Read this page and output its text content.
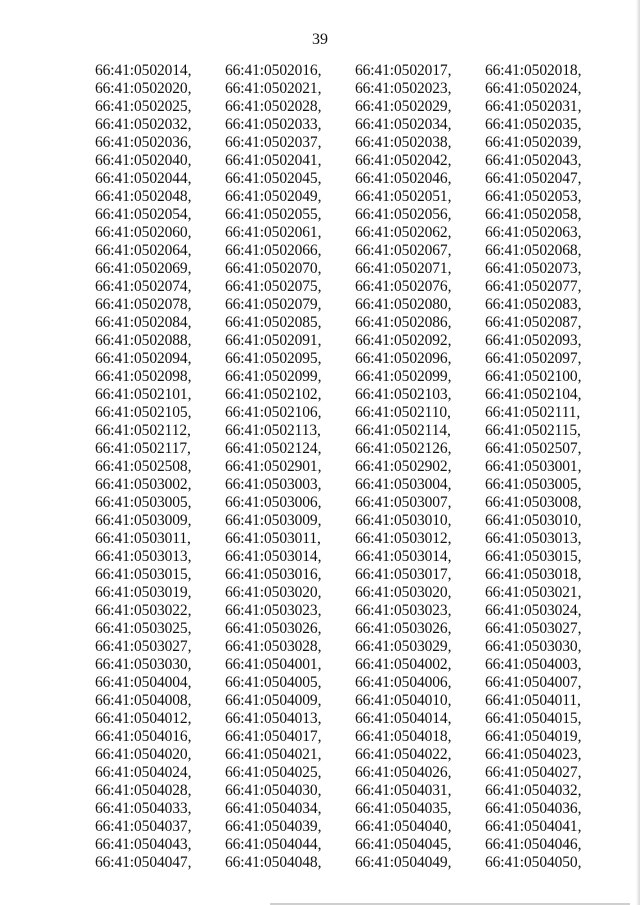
39
66:41:0502014,	66:41:0502016,	66:41:0502017,	66:41:0502018,
66:41:0502020,	66:41:0502021,	66:41:0502023,	66:41:0502024,
66:41:0502025,	66:41:0502028,	66:41:0502029,	66:41:0502031,
66:41:0502032,	66:41:0502033,	66:41:0502034,	66:41:0502035,
66:41:0502036,	66:41:0502037,	66:41:0502038,	66:41:0502039,
66:41:0502040,	66:41:0502041,	66:41:0502042,	66:41:0502043,
66:41:0502044,	66:41:0502045,	66:41:0502046,	66:41:0502047,
66:41:0502048,	66:41:0502049,	66:41:0502051,	66:41:0502053,
66:41:0502054,	66:41:0502055,	66:41:0502056,	66:41:0502058,
66:41:0502060,	66:41:0502061,	66:41:0502062,	66:41:0502063,
66:41:0502064,	66:41:0502066,	66:41:0502067,	66:41:0502068,
66:41:0502069,	66:41:0502070,	66:41:0502071,	66:41:0502073,
66:41:0502074,	66:41:0502075,	66:41:0502076,	66:41:0502077,
66:41:0502078,	66:41:0502079,	66:41:0502080,	66:41:0502083,
66:41:0502084,	66:41:0502085,	66:41:0502086,	66:41:0502087,
66:41:0502088,	66:41:0502091,	66:41:0502092,	66:41:0502093,
66:41:0502094,	66:41:0502095,	66:41:0502096,	66:41:0502097,
66:41:0502098,	66:41:0502099,	66:41:0502099,	66:41:0502100,
66:41:0502101,	66:41:0502102,	66:41:0502103,	66:41:0502104,
66:41:0502105,	66:41:0502106,	66:41:0502110,	66:41:0502111,
66:41:0502112,	66:41:0502113,	66:41:0502114,	66:41:0502115,
66:41:0502117,	66:41:0502124,	66:41:0502126,	66:41:0502507,
66:41:0502508,	66:41:0502901,	66:41:0502902,	66:41:0503001,
66:41:0503002,	66:41:0503003,	66:41:0503004,	66:41:0503005,
66:41:0503005,	66:41:0503006,	66:41:0503007,	66:41:0503008,
66:41:0503009,	66:41:0503009,	66:41:0503010,	66:41:0503010,
66:41:0503011,	66:41:0503011,	66:41:0503012,	66:41:0503013,
66:41:0503013,	66:41:0503014,	66:41:0503014,	66:41:0503015,
66:41:0503015,	66:41:0503016,	66:41:0503017,	66:41:0503018,
66:41:0503019,	66:41:0503020,	66:41:0503020,	66:41:0503021,
66:41:0503022,	66:41:0503023,	66:41:0503023,	66:41:0503024,
66:41:0503025,	66:41:0503026,	66:41:0503026,	66:41:0503027,
66:41:0503027,	66:41:0503028,	66:41:0503029,	66:41:0503030,
66:41:0503030,	66:41:0504001,	66:41:0504002,	66:41:0504003,
66:41:0504004,	66:41:0504005,	66:41:0504006,	66:41:0504007,
66:41:0504008,	66:41:0504009,	66:41:0504010,	66:41:0504011,
66:41:0504012,	66:41:0504013,	66:41:0504014,	66:41:0504015,
66:41:0504016,	66:41:0504017,	66:41:0504018,	66:41:0504019,
66:41:0504020,	66:41:0504021,	66:41:0504022,	66:41:0504023,
66:41:0504024,	66:41:0504025,	66:41:0504026,	66:41:0504027,
66:41:0504028,	66:41:0504030,	66:41:0504031,	66:41:0504032,
66:41:0504033,	66:41:0504034,	66:41:0504035,	66:41:0504036,
66:41:0504037,	66:41:0504039,	66:41:0504040,	66:41:0504041,
66:41:0504043,	66:41:0504044,	66:41:0504045,	66:41:0504046,
66:41:0504047,	66:41:0504048,	66:41:0504049,	66:41:0504050,
